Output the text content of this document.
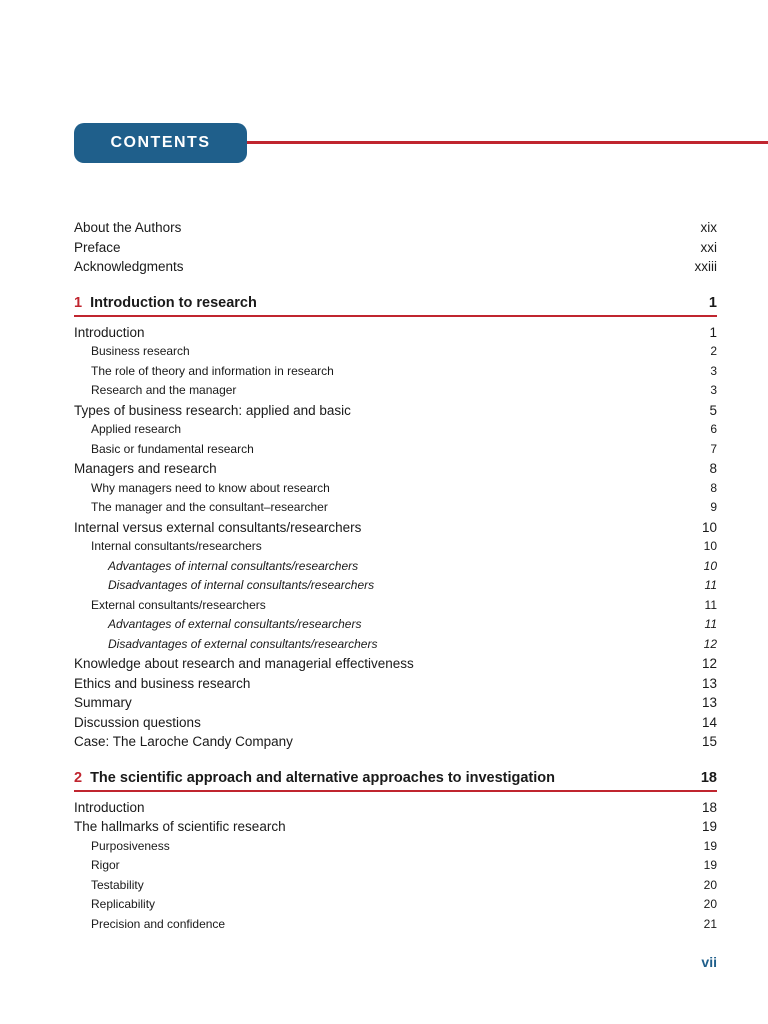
CONTENTS
About the Authors	xix
Preface	xxi
Acknowledgments	xxiii
1 Introduction to research	1
Introduction	1
Business research	2
The role of theory and information in research	3
Research and the manager	3
Types of business research: applied and basic	5
Applied research	6
Basic or fundamental research	7
Managers and research	8
Why managers need to know about research	8
The manager and the consultant–researcher	9
Internal versus external consultants/researchers	10
Internal consultants/researchers	10
Advantages of internal consultants/researchers	10
Disadvantages of internal consultants/researchers	11
External consultants/researchers	11
Advantages of external consultants/researchers	11
Disadvantages of external consultants/researchers	12
Knowledge about research and managerial effectiveness	12
Ethics and business research	13
Summary	13
Discussion questions	14
Case: The Laroche Candy Company	15
2 The scientific approach and alternative approaches to investigation	18
Introduction	18
The hallmarks of scientific research	19
Purposiveness	19
Rigor	19
Testability	20
Replicability	20
Precision and confidence	21
vii
